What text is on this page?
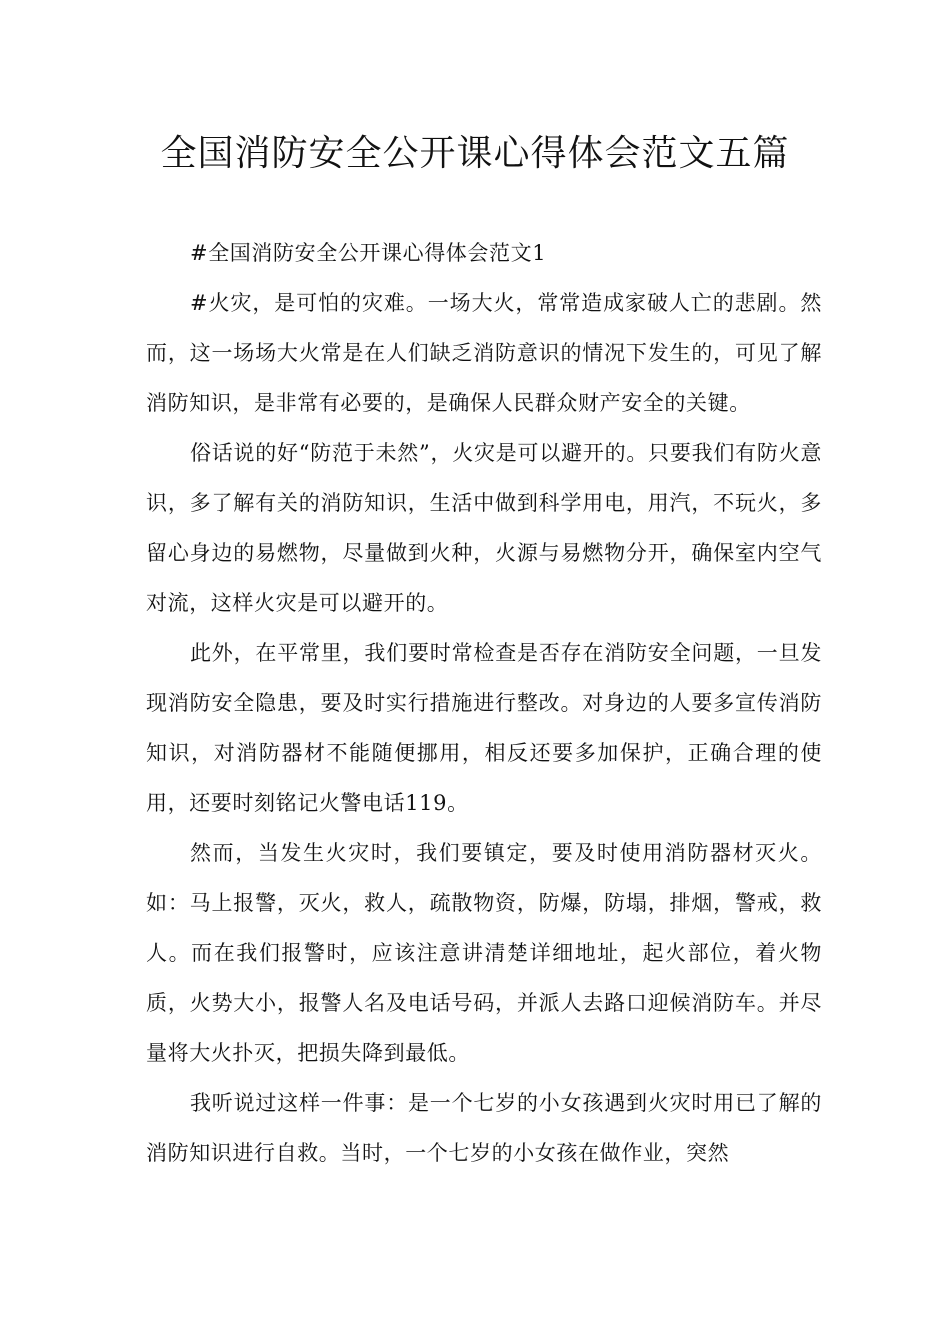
全国消防安全公开课心得体会范文五篇

#全国消防安全公开课心得体会范文1

#火灾，是可怕的灾难。一场大火，常常造成家破人亡的悲剧。然而，这一场场大火常是在人们缺乏消防意识的情况下发生的，可见了解消防知识，是非常有必要的，是确保人民群众财产安全的关键。

俗话说的好“防范于未然”，火灾是可以避开的。只要我们有防火意识，多了解有关的消防知识，生活中做到科学用电，用汽，不玩火，多留心身边的易燃物，尽量做到火种，火源与易燃物分开，确保室内空气对流，这样火灾是可以避开的。

此外，在平常里，我们要时常检查是否存在消防安全问题，一旦发现消防安全隐患，要及时实行措施进行整改。对身边的人要多宣传消防知识，对消防器材不能随便挪用，相反还要多加保护，正确合理的使用，还要时刻铭记火警电话119。

然而，当发生火灾时，我们要镇定，要及时使用消防器材灭火。如：马上报警，灭火，救人，疏散物资，防爆，防塌，排烟，警戒，救人。而在我们报警时，应该注意讲清楚详细地址，起火部位，着火物质，火势大小，报警人名及电话号码，并派人去路口迎候消防车。并尽量将大火扑灭，把损失降到最低。

我听说过这样一件事：是一个七岁的小女孩遇到火灾时用已了解的消防知识进行自救。当时，一个七岁的小女孩在做作业，突然
